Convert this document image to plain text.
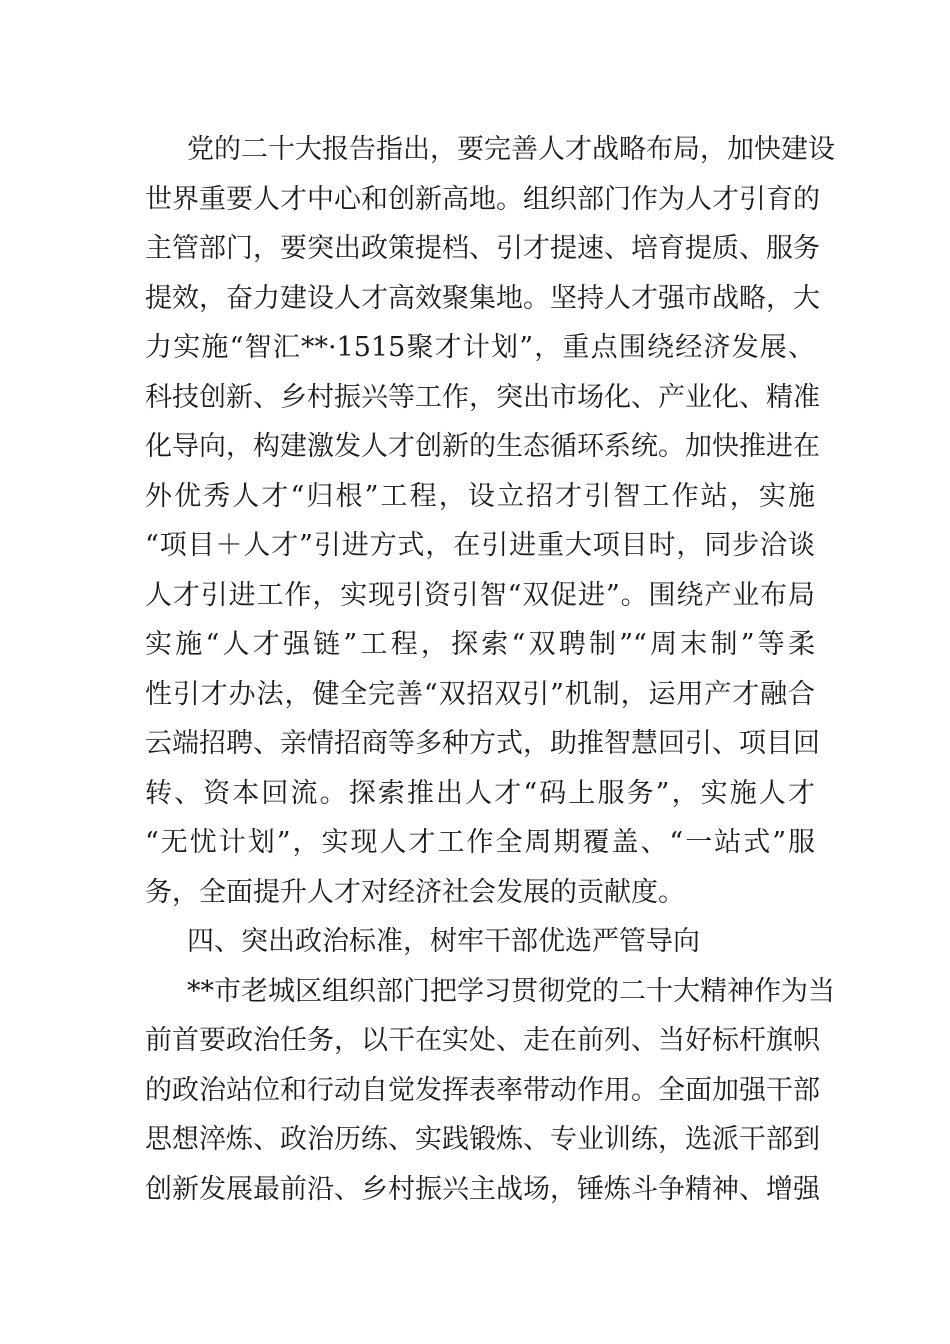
党的二十大报告指出，要完善人才战略布局，加快建设
世界重要人才中心和创新高地。组织部门作为人才引育的
主管部门，要突出政策提档、引才提速、培育提质、服务
提效，奋力建设人才高效聚集地。坚持人才强市战略，大
力实施“智汇**·1515聚才计划”，重点围绕经济发展、
科技创新、乡村振兴等工作，突出市场化、产业化、精准
化导向，构建激发人才创新的生态循环系统。加快推进在
外优秀人才“归根”工程，设立招才引智工作站，实施
“项目＋人才”引进方式，在引进重大项目时，同步洽谈
人才引进工作，实现引资引智“双促进”。围绕产业布局
实施“人才强链”工程，探索“双聘制”“周末制”等柔
性引才办法，健全完善“双招双引”机制，运用产才融合
云端招聘、亲情招商等多种方式，助推智慧回引、项目回
转、资本回流。探索推出人才“码上服务”，实施人才
“无忧计划”，实现人才工作全周期覆盖、“一站式”服
务，全面提升人才对经济社会发展的贡献度。
四、突出政治标准，树牢干部优选严管导向
**市老城区组织部门把学习贯彻党的二十大精神作为当
前首要政治任务，以干在实处、走在前列、当好标杆旗帜
的政治站位和行动自觉发挥表率带动作用。全面加强干部
思想淬炼、政治历练、实践锻炼、专业训练，选派干部到
创新发展最前沿、乡村振兴主战场，锤炼斗争精神、增强
